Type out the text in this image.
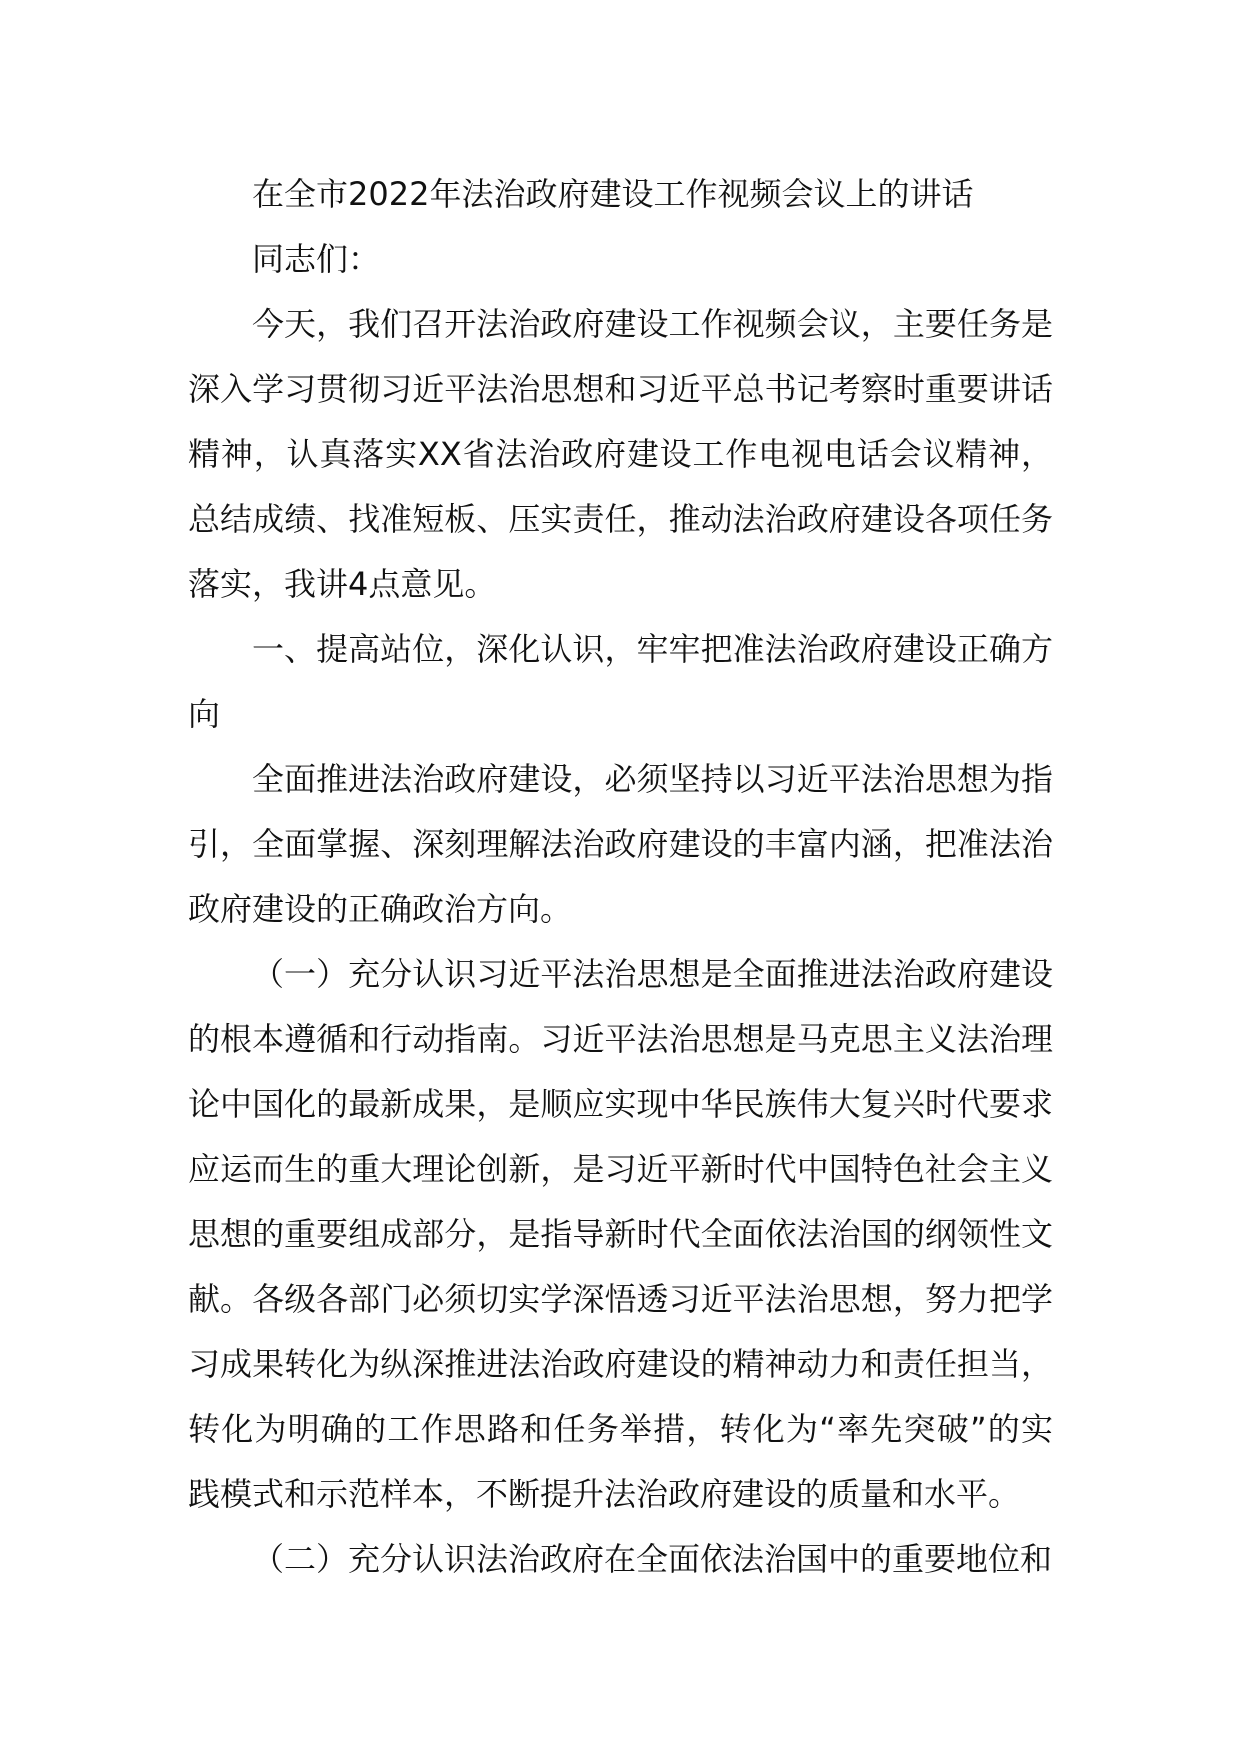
在全市2022年法治政府建设工作视频会议上的讲话

同志们：

今天，我们召开法治政府建设工作视频会议，主要任务是深入学习贯彻习近平法治思想和习近平总书记考察时重要讲话精神，认真落实XX省法治政府建设工作电视电话会议精神，总结成绩、找准短板、压实责任，推动法治政府建设各项任务落实，我讲4点意见。

一、提高站位，深化认识，牢牢把准法治政府建设正确方向

全面推进法治政府建设，必须坚持以习近平法治思想为指引，全面掌握、深刻理解法治政府建设的丰富内涵，把准法治政府建设的正确政治方向。

（一）充分认识习近平法治思想是全面推进法治政府建设的根本遵循和行动指南。习近平法治思想是马克思主义法治理论中国化的最新成果，是顺应实现中华民族伟大复兴时代要求应运而生的重大理论创新，是习近平新时代中国特色社会主义思想的重要组成部分，是指导新时代全面依法治国的纲领性文献。各级各部门必须切实学深悟透习近平法治思想，努力把学习成果转化为纵深推进法治政府建设的精神动力和责任担当，转化为明确的工作思路和任务举措，转化为“率先突破”的实践模式和示范样本，不断提升法治政府建设的质量和水平。

（二）充分认识法治政府在全面依法治国中的重要地位和
